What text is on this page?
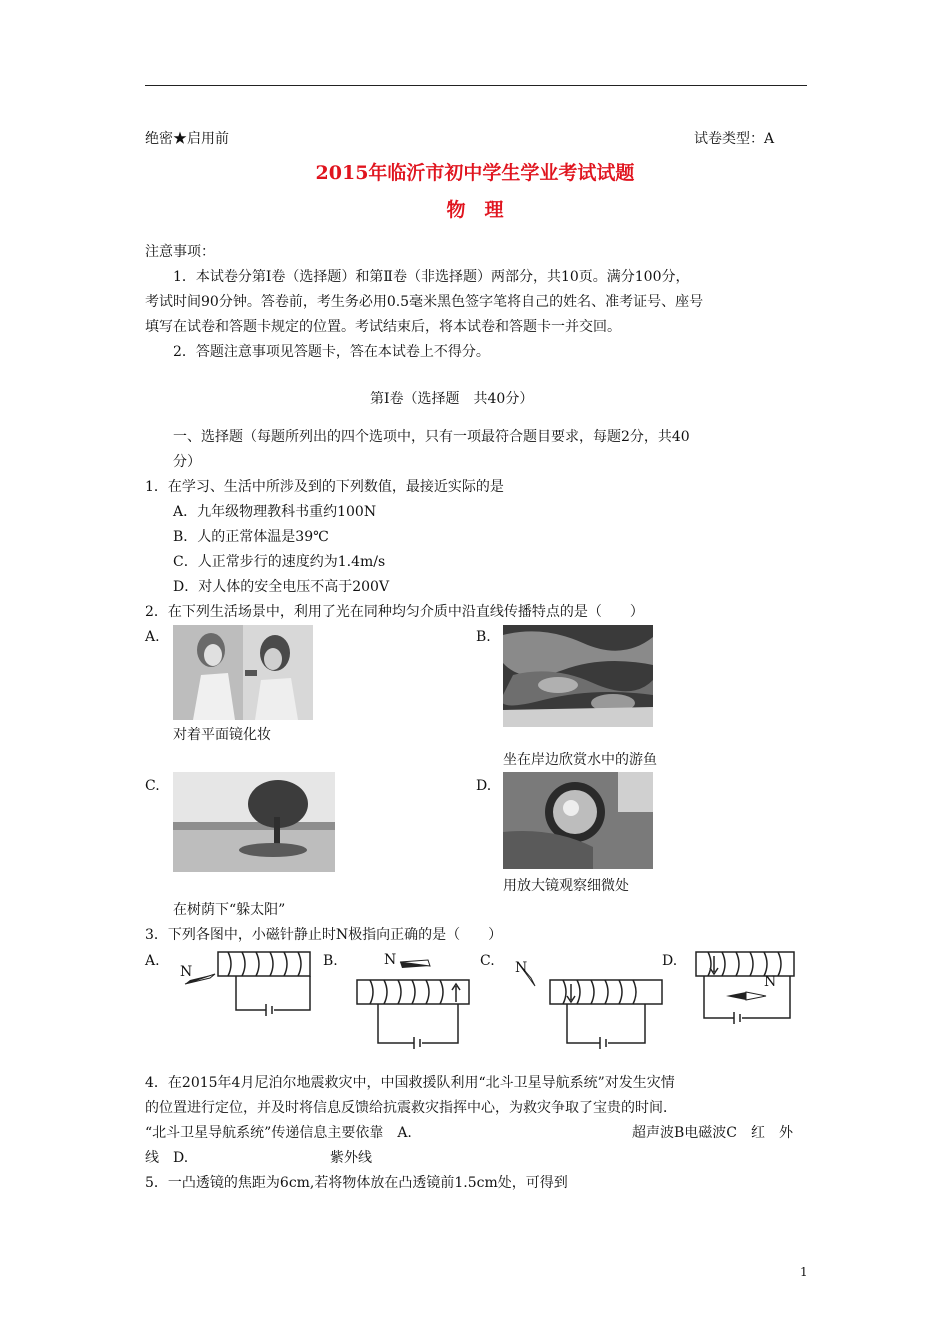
绝密★启用前	试卷类型：A
2015年临沂市初中学生学业考试试题
物　理
注意事项：
1．本试卷分第Ⅰ卷（选择题）和第Ⅱ卷（非选择题）两部分，共10页。满分100分，
考试时间90分钟。答卷前，考生务必用0.5毫米黑色签字笔将自己的姓名、准考证号、座号
填写在试卷和答题卡规定的位置。考试结束后，将本试卷和答题卡一并交回。
2．答题注意事项见答题卡，答在本试卷上不得分。
第Ⅰ卷（选择题　共40分）
一、选择题（每题所列出的四个选项中，只有一项最符合题目要求，每题2分，共40
分）
1．在学习、生活中所涉及到的下列数值，最接近实际的是
A．九年级物理教科书重约100N
B．人的正常体温是39℃
C．人正常步行的速度约为1.4m/s
D．对人体的安全电压不高于200V
2．在下列生活场景中，利用了光在同种均匀介质中沿直线传播特点的是（　　）
A.
对着平面镜化妆
B.
坐在岸边欣赏水中的游鱼
C.
在树荫下“躲太阳”
D.
用放大镜观察细微处
3．下列各图中，小磁针静止时N极指向正确的是（　　）
A.
N
B.	N	C. N	D.
N
4．在2015年4月尼泊尔地震救灾中，中国救援队利用“北斗卫星导航系统”对发生灾情
的位置进行定位，并及时将信息反馈给抗震救灾指挥中心，为救灾争取了宝贵的时间．
“北斗卫星导航系统”传递信息主要依靠　A.	超声波B电磁波C　红　外
线　D.	紫外线
5．一凸透镜的焦距为6cm,若将物体放在凸透镜前1.5cm处，可得到
1
